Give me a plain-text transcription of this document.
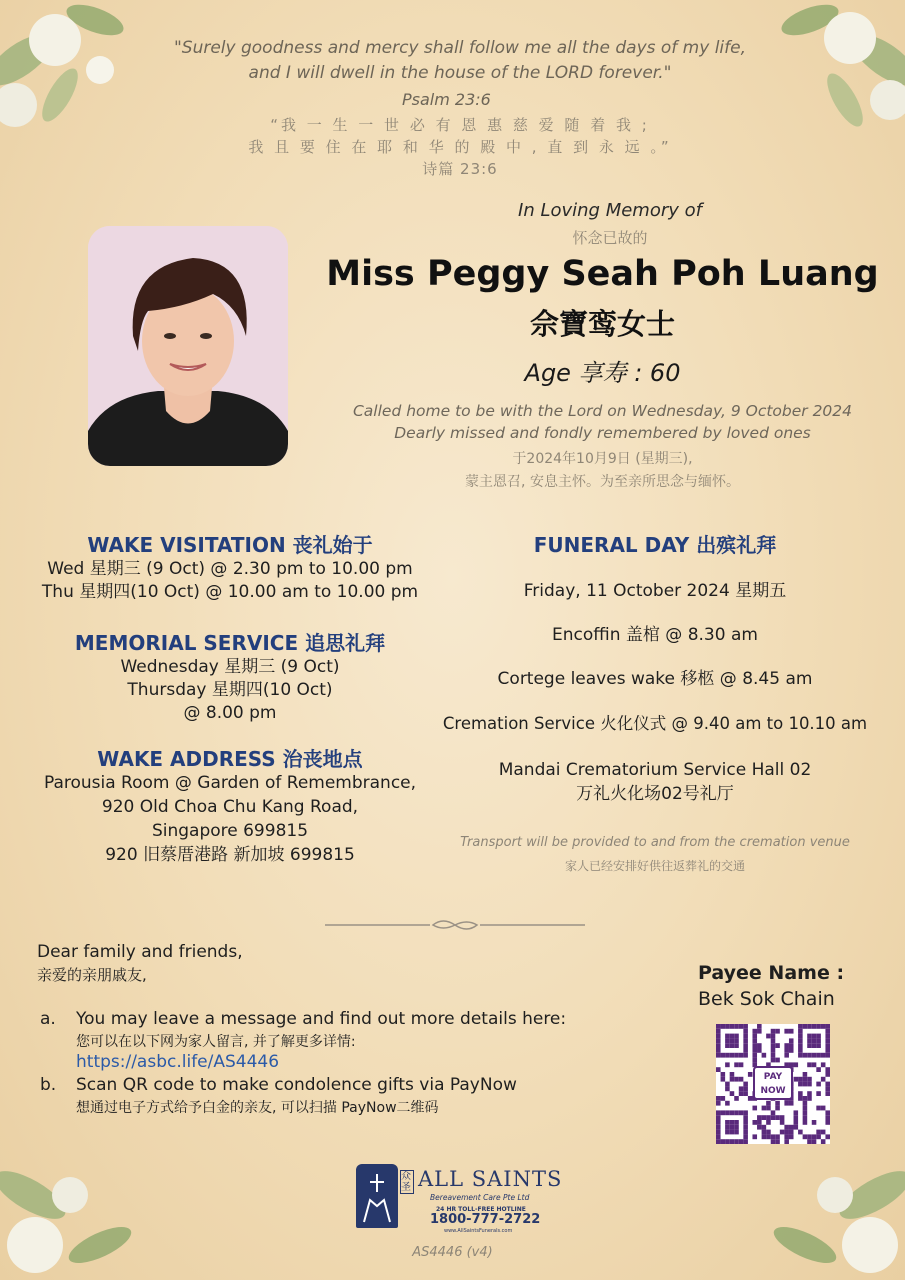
"Surely goodness and mercy shall follow me all the days of my life,
and I will dwell in the house of the LORD forever."
Psalm 23:6
“我 一 生 一 世 必 有 恩 惠 慈 爱 随 着 我 ;
我 且 要 住 在 耶 和 华 的 殿 中 , 直 到 永 远 。”
诗篇 23:6
In Loving Memory of
怀念已故的
Miss Peggy Seah Poh Luang
佘寶鸾女士
Age 享寿 : 60
Called home to be with the Lord on Wednesday, 9 October 2024
Dearly missed and fondly remembered by loved ones
于2024年10月9日 (星期三),
蒙主恩召, 安息主怀。为至亲所思念与缅怀。
WAKE VISITATION 丧礼始于
Wed 星期三 (9 Oct) @ 2.30 pm to 10.00 pm
Thu 星期四(10 Oct) @ 10.00 am to 10.00 pm
MEMORIAL SERVICE 追思礼拜
Wednesday 星期三 (9 Oct)
Thursday 星期四(10 Oct)
@ 8.00 pm
WAKE ADDRESS 治丧地点
Parousia Room @ Garden of Remembrance,
920 Old Choa Chu Kang Road,
Singapore 699815
920 旧蔡厝港路 新加坡 699815
FUNERAL DAY 出殡礼拜
Friday, 11 October 2024 星期五
Encoffin 盖棺 @ 8.30 am
Cortege leaves wake 移柩 @ 8.45 am
Cremation Service 火化仪式 @ 9.40 am to 10.10 am
Mandai Crematorium Service Hall 02
万礼火化场02号礼厅
Transport will be provided to and from the cremation venue
家人已经安排好供往返葬礼的交通
Dear family and friends,
亲爱的亲朋戚友,
a. You may leave a message and find out more details here:
您可以在以下网为家人留言, 并了解更多详情:
https://asbc.life/AS4446
b. Scan QR code to make condolence gifts via PayNow
想通过电子方式给予白金的亲友, 可以扫描 PayNow二维码
Payee Name :
Bek Sok Chain
PAY NOW
众圣 ALL SAINTS
Bereavement Care Pte Ltd
24 HR TOLL-FREE HOTLINE
1800-777-2722
www.AllSaintsFunerals.com
AS4446 (v4)
